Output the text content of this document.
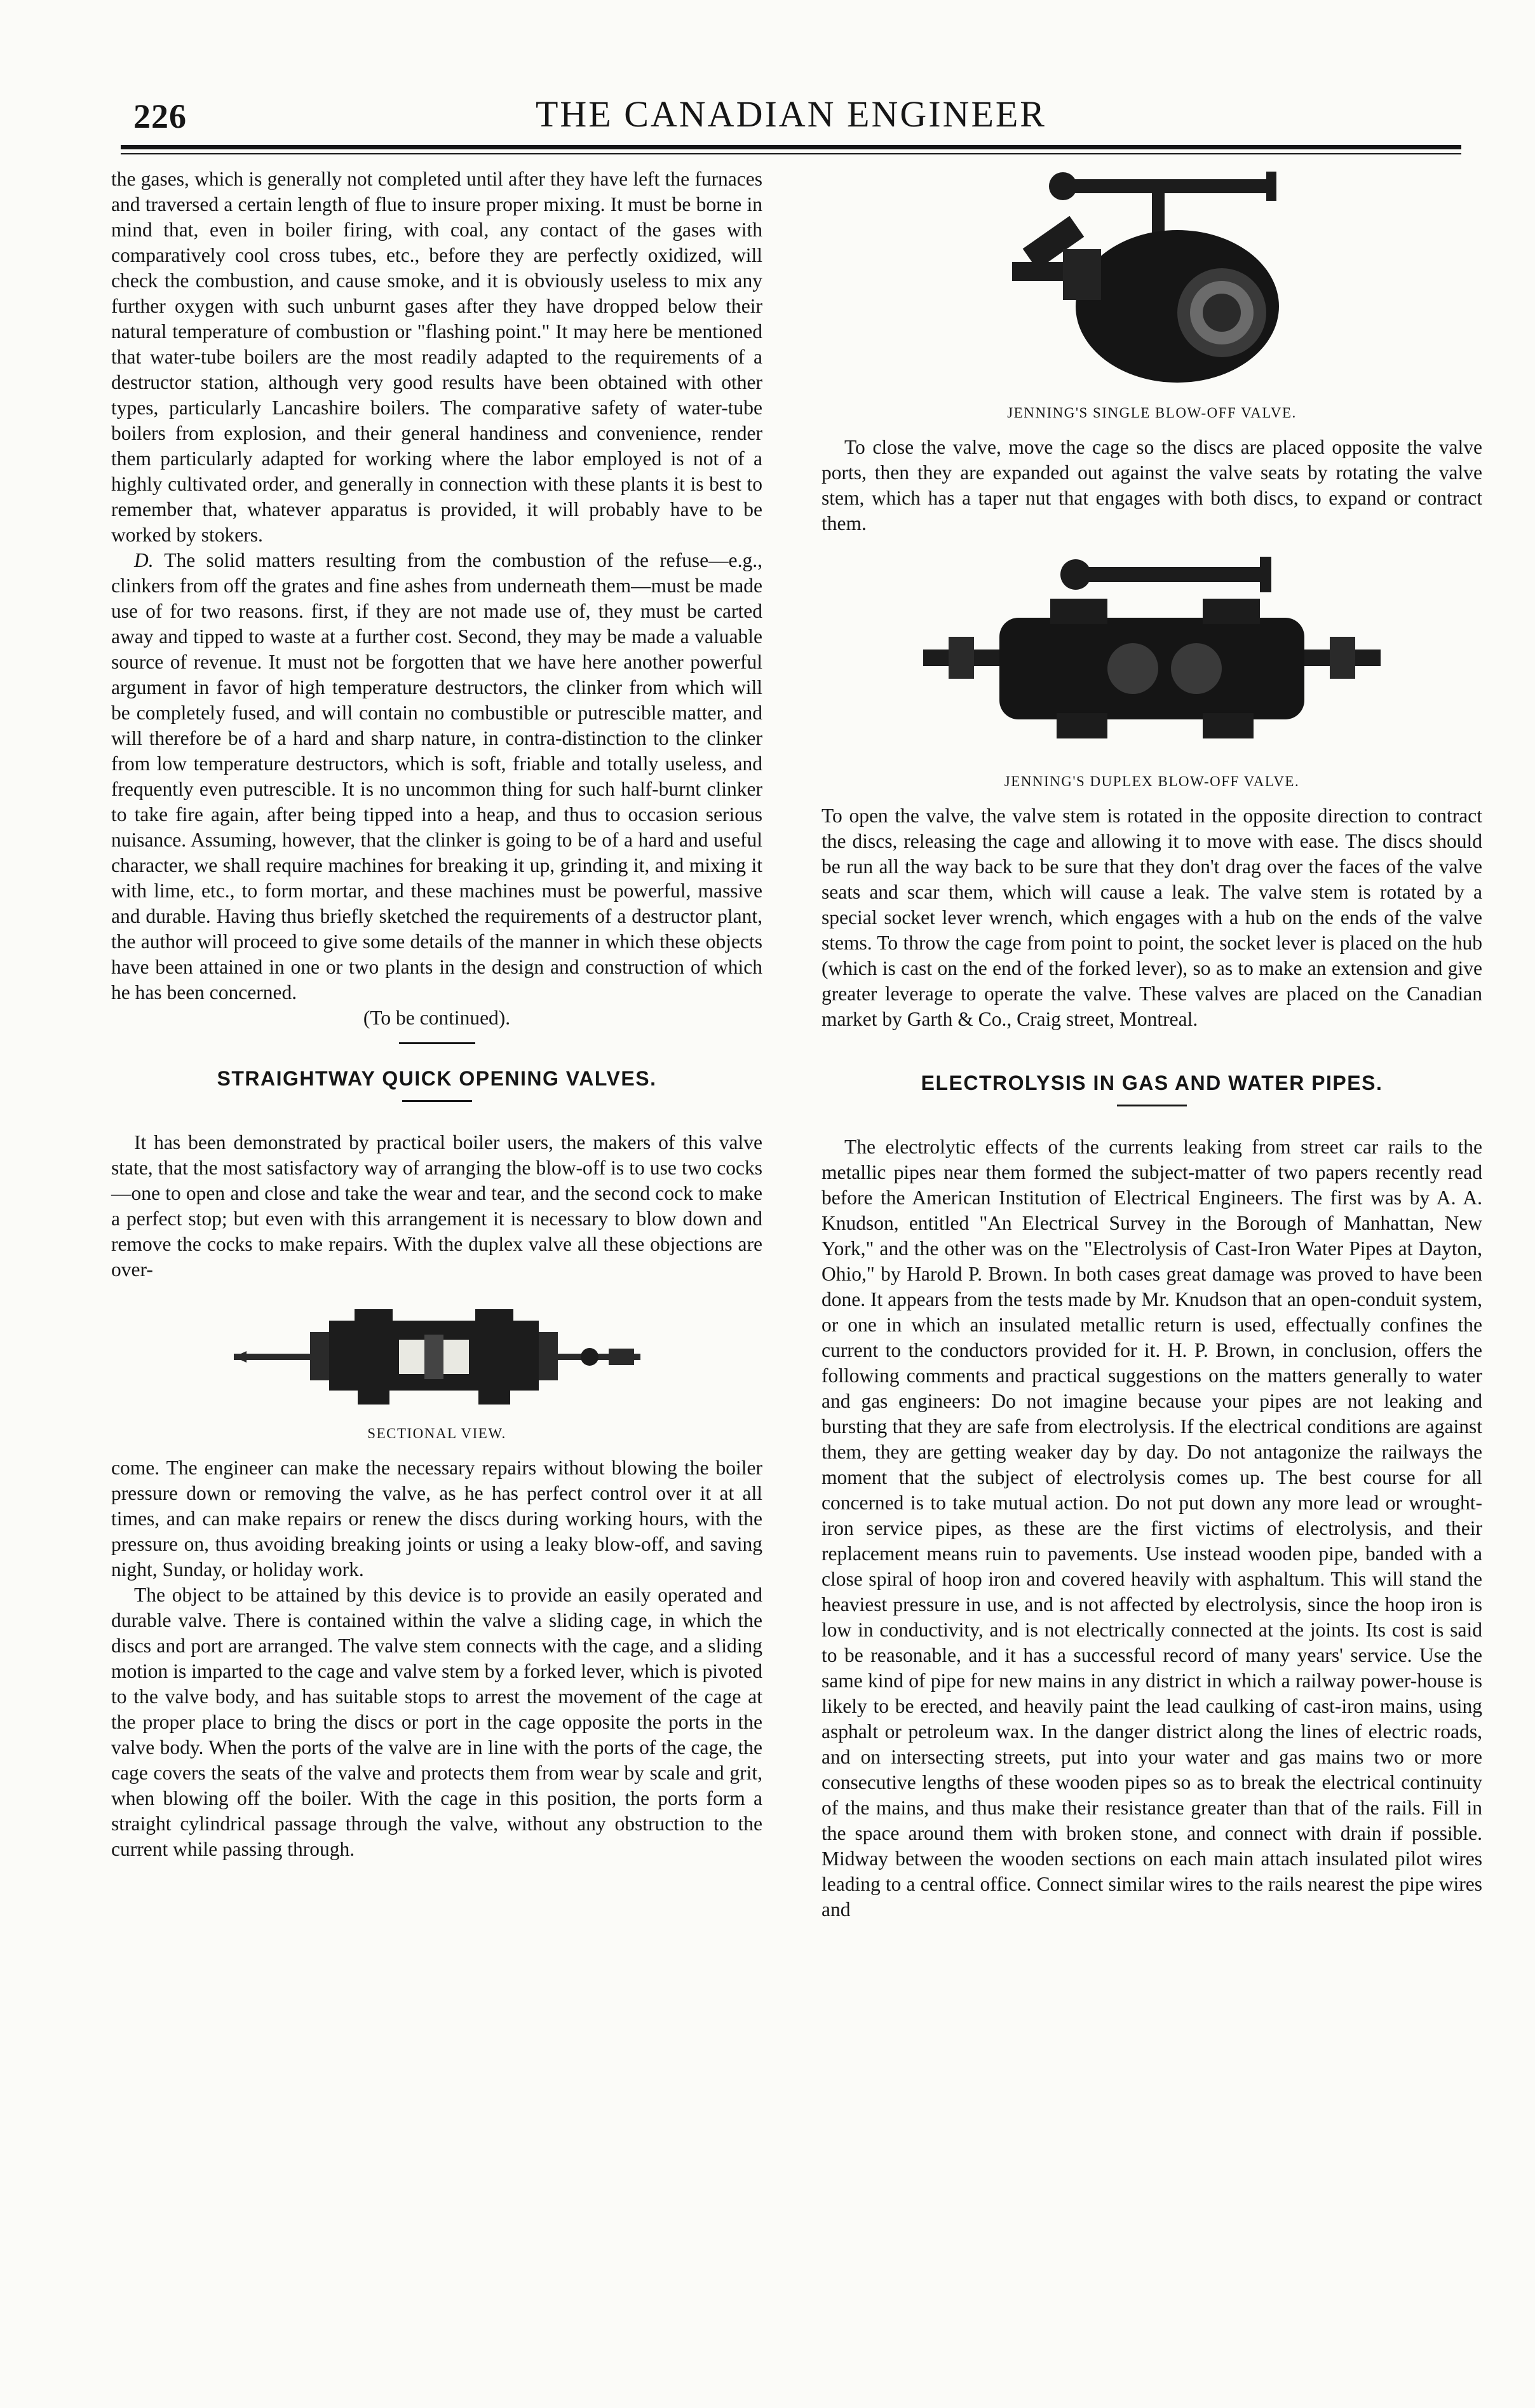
226	THE CANADIAN ENGINEER

the gases, which is generally not completed until after they have left the furnaces and traversed a certain length of flue to insure proper mixing. It must be borne in mind that, even in boiler firing, with coal, any contact of the gases with comparatively cool cross tubes, etc., before they are perfectly oxidized, will check the combustion, and cause smoke, and it is obviously useless to mix any further oxygen with such unburnt gases after they have dropped below their natural temperature of combustion or "flashing point." It may here be mentioned that water-tube boilers are the most readily adapted to the requirements of a destructor station, although very good results have been obtained with other types, particularly Lancashire boilers. The comparative safety of water-tube boilers from explosion, and their general handiness and convenience, render them particularly adapted for working where the labor employed is not of a highly cultivated order, and generally in connection with these plants it is best to remember that, whatever apparatus is provided, it will probably have to be worked by stokers.

D. The solid matters resulting from the combustion of the refuse—e.g., clinkers from off the grates and fine ashes from underneath them—must be made use of for two reasons. first, if they are not made use of, they must be carted away and tipped to waste at a further cost. Second, they may be made a valuable source of revenue. It must not be forgotten that we have here another powerful argument in favor of high temperature destructors, the clinker from which will be completely fused, and will contain no combustible or putrescible matter, and will therefore be of a hard and sharp nature, in contra-distinction to the clinker from low temperature destructors, which is soft, friable and totally useless, and frequently even putrescible. It is no uncommon thing for such half-burnt clinker to take fire again, after being tipped into a heap, and thus to occasion serious nuisance. Assuming, however, that the clinker is going to be of a hard and useful character, we shall require machines for breaking it up, grinding it, and mixing it with lime, etc., to form mortar, and these machines must be powerful, massive and durable. Having thus briefly sketched the requirements of a destructor plant, the author will proceed to give some details of the manner in which these objects have been attained in one or two plants in the design and construction of which he has been concerned.

(To be continued).

STRAIGHTWAY QUICK OPENING VALVES.

It has been demonstrated by practical boiler users, the makers of this valve state, that the most satisfactory way of arranging the blow-off is to use two cocks—one to open and close and take the wear and tear, and the second cock to make a perfect stop; but even with this arrangement it is necessary to blow down and remove the cocks to make repairs. With the duplex valve all these objections are over-

SECTIONAL VIEW.

come. The engineer can make the necessary repairs without blowing the boiler pressure down or removing the valve, as he has perfect control over it at all times, and can make repairs or renew the discs during working hours, with the pressure on, thus avoiding breaking joints or using a leaky blow-off, and saving night, Sunday, or holiday work.

The object to be attained by this device is to provide an easily operated and durable valve. There is contained within the valve a sliding cage, in which the discs and port are arranged. The valve stem connects with the cage, and a sliding motion is imparted to the cage and valve stem by a forked lever, which is pivoted to the valve body, and has suitable stops to arrest the movement of the cage at the proper place to bring the discs or port in the cage opposite the ports in the valve body. When the ports of the valve are in line with the ports of the cage, the cage covers the seats of the valve and protects them from wear by scale and grit, when blowing off the boiler. With the cage in this position, the ports form a straight cylindrical passage through the valve, without any obstruction to the current while passing through.

JENNING'S SINGLE BLOW-OFF VALVE.

To close the valve, move the cage so the discs are placed opposite the valve ports, then they are expanded out against the valve seats by rotating the valve stem, which has a taper nut that engages with both discs, to expand or contract them.

JENNING'S DUPLEX BLOW-OFF VALVE.

To open the valve, the valve stem is rotated in the opposite direction to contract the discs, releasing the cage and allowing it to move with ease. The discs should be run all the way back to be sure that they don't drag over the faces of the valve seats and scar them, which will cause a leak. The valve stem is rotated by a special socket lever wrench, which engages with a hub on the ends of the valve stems. To throw the cage from point to point, the socket lever is placed on the hub (which is cast on the end of the forked lever), so as to make an extension and give greater leverage to operate the valve. These valves are placed on the Canadian market by Garth & Co., Craig street, Montreal.

ELECTROLYSIS IN GAS AND WATER PIPES.

The electrolytic effects of the currents leaking from street car rails to the metallic pipes near them formed the subject-matter of two papers recently read before the American Institution of Electrical Engineers. The first was by A. A. Knudson, entitled "An Electrical Survey in the Borough of Manhattan, New York," and the other was on the "Electrolysis of Cast-Iron Water Pipes at Dayton, Ohio," by Harold P. Brown. In both cases great damage was proved to have been done. It appears from the tests made by Mr. Knudson that an open-conduit system, or one in which an insulated metallic return is used, effectually confines the current to the conductors provided for it. H. P. Brown, in conclusion, offers the following comments and practical suggestions on the matters generally to water and gas engineers: Do not imagine because your pipes are not leaking and bursting that they are safe from electrolysis. If the electrical conditions are against them, they are getting weaker day by day. Do not antagonize the railways the moment that the subject of electrolysis comes up. The best course for all concerned is to take mutual action. Do not put down any more lead or wrought-iron service pipes, as these are the first victims of electrolysis, and their replacement means ruin to pavements. Use instead wooden pipe, banded with a close spiral of hoop iron and covered heavily with asphaltum. This will stand the heaviest pressure in use, and is not affected by electrolysis, since the hoop iron is low in conductivity, and is not electrically connected at the joints. Its cost is said to be reasonable, and it has a successful record of many years' service. Use the same kind of pipe for new mains in any district in which a railway power-house is likely to be erected, and heavily paint the lead caulking of cast-iron mains, using asphalt or petroleum wax. In the danger district along the lines of electric roads, and on intersecting streets, put into your water and gas mains two or more consecutive lengths of these wooden pipes so as to break the electrical continuity of the mains, and thus make their resistance greater than that of the rails. Fill in the space around them with broken stone, and connect with drain if possible. Midway between the wooden sections on each main attach insulated pilot wires leading to a central office. Connect similar wires to the rails nearest the pipe wires and
